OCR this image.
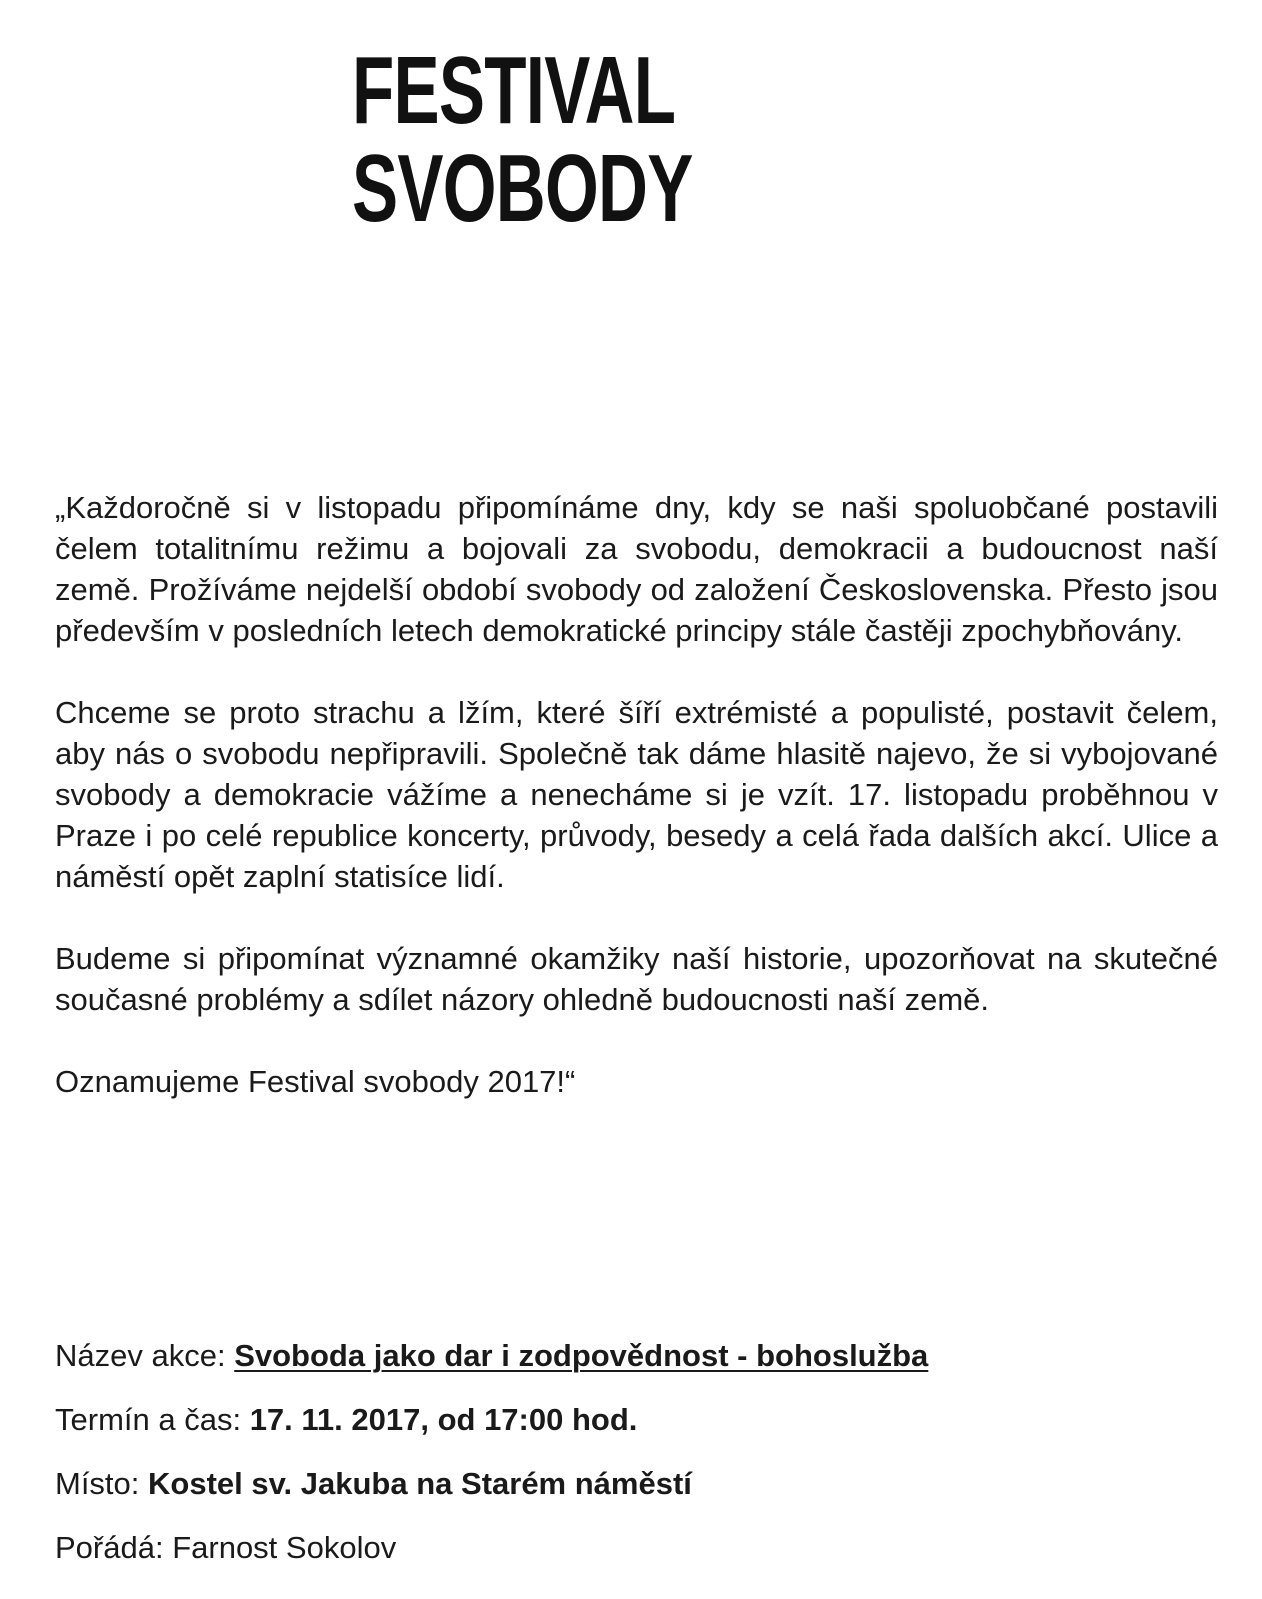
FESTIVAL
SVOBODY

„Každoročně si v listopadu připomínáme dny, kdy se naši spoluobčané postavili čelem totalitnímu režimu a bojovali za svobodu, demokracii a budoucnost naší země. Prožíváme nejdelší období svobody od založení Československa. Přesto jsou především v posledních letech demokratické principy stále častěji zpochybňovány.

Chceme se proto strachu a lžím, které šíří extrémisté a populisté, postavit čelem, aby nás o svobodu nepřipravili. Společně tak dáme hlasitě najevo, že si vybojované svobody a demokracie vážíme a nenecháme si je vzít. 17. listopadu proběhnou v Praze i po celé republice koncerty, průvody, besedy a celá řada dalších akcí. Ulice a náměstí opět zaplní statisíce lidí.

Budeme si připomínat významné okamžiky naší historie, upozorňovat na skutečné současné problémy a sdílet názory ohledně budoucnosti naší země.

Oznamujeme Festival svobody 2017!“

Název akce: Svoboda jako dar i zodpovědnost - bohoslužba
Termín a čas: 17. 11. 2017, od 17:00 hod.
Místo: Kostel sv. Jakuba na Starém náměstí
Pořádá: Farnost Sokolov
